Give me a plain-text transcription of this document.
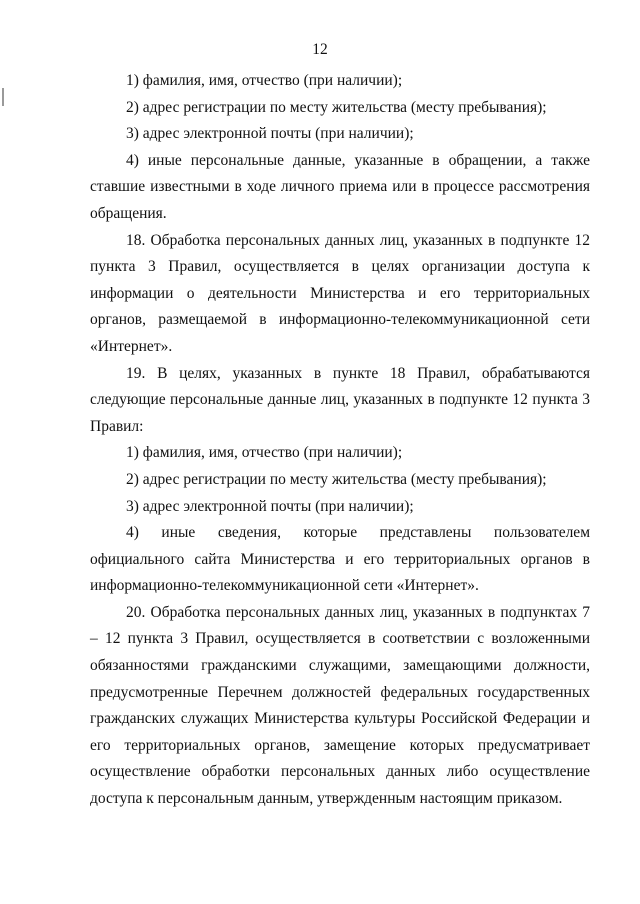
12

1) фамилия, имя, отчество (при наличии);

2) адрес регистрации по месту жительства (месту пребывания);

3) адрес электронной почты (при наличии);

4) иные персональные данные, указанные в обращении, а также ставшие известными в ходе личного приема или в процессе рассмотрения обращения.

18. Обработка персональных данных лиц, указанных в подпункте 12 пункта 3 Правил, осуществляется в целях организации доступа к информации о деятельности Министерства и его территориальных органов, размещаемой в информационно-телекоммуникационной сети «Интернет».

19. В целях, указанных в пункте 18 Правил, обрабатываются следующие персональные данные лиц, указанных в подпункте 12 пункта 3 Правил:

1) фамилия, имя, отчество (при наличии);

2) адрес регистрации по месту жительства (месту пребывания);

3) адрес электронной почты (при наличии);

4) иные сведения, которые представлены пользователем официального сайта Министерства и его территориальных органов в информационно-телекоммуникационной сети «Интернет».

20. Обработка персональных данных лиц, указанных в подпунктах 7 – 12 пункта 3 Правил, осуществляется в соответствии с возложенными обязанностями гражданскими служащими, замещающими должности, предусмотренные Перечнем должностей федеральных государственных гражданских служащих Министерства культуры Российской Федерации и его территориальных органов, замещение которых предусматривает осуществление обработки персональных данных либо осуществление доступа к персональным данным, утвержденным настоящим приказом.
